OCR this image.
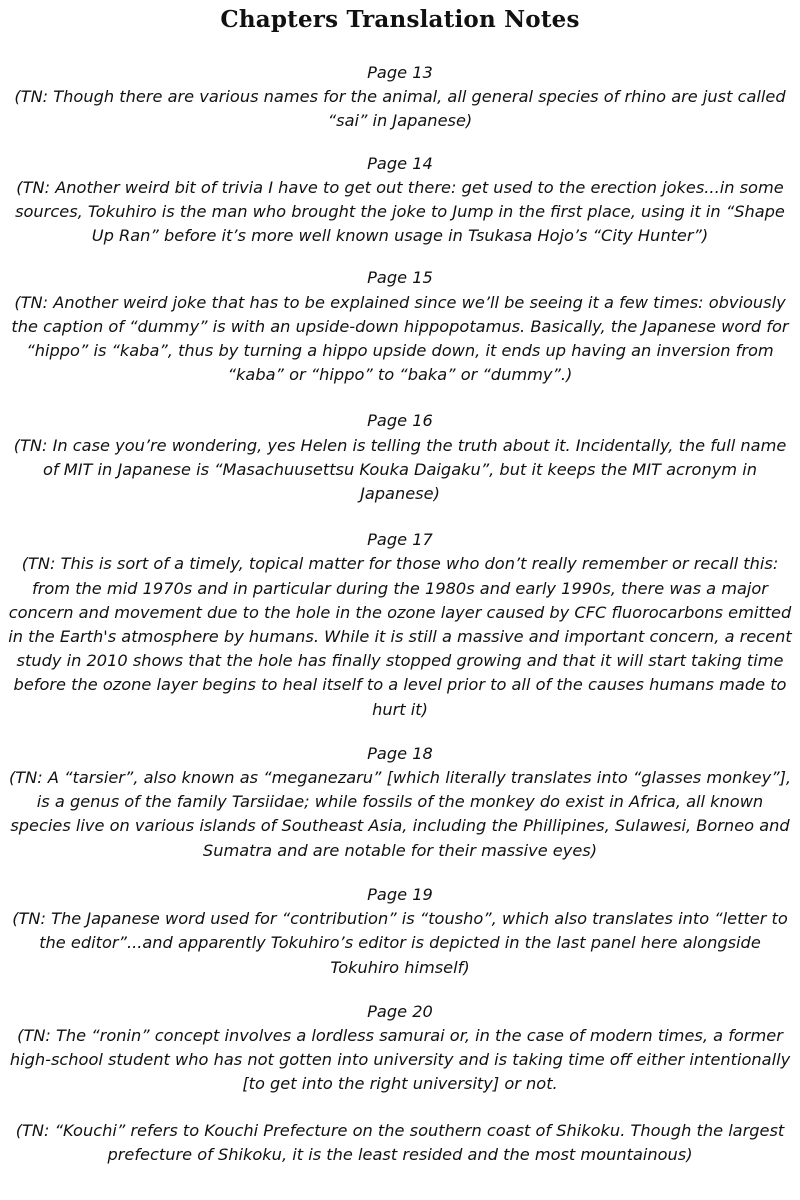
Chapters Translation Notes

Page 13

(TN: Though there are various names for the animal, all general species of rhino are just called “sai” in Japanese)

Page 14

(TN: Another weird bit of trivia I have to get out there: get used to the erection jokes...in some sources, Tokuhiro is the man who brought the joke to Jump in the first place, using it in “Shape Up Ran” before it’s more well known usage in Tsukasa Hojo’s “City Hunter”)

Page 15

(TN: Another weird joke that has to be explained since we’ll be seeing it a few times: obviously the caption of “dummy” is with an upside-down hippopotamus. Basically, the Japanese word for “hippo” is “kaba”, thus by turning a hippo upside down, it ends up having an inversion from “kaba” or “hippo” to “baka” or “dummy”.)

Page 16

(TN: In case you’re wondering, yes Helen is telling the truth about it. Incidentally, the full name of MIT in Japanese is “Masachuusettsu Kouka Daigaku”, but it keeps the MIT acronym in Japanese)

Page 17

(TN: This is sort of a timely, topical matter for those who don’t really remember or recall this: from the mid 1970s and in particular during the 1980s and early 1990s, there was a major concern and movement due to the hole in the ozone layer caused by CFC fluorocarbons emitted in the Earth's atmosphere by humans. While it is still a massive and important concern, a recent study in 2010 shows that the hole has finally stopped growing and that it will start taking time before the ozone layer begins to heal itself to a level prior to all of the causes humans made to hurt it)

Page 18

(TN: A “tarsier”, also known as “meganezaru” [which literally translates into “glasses monkey”], is a genus of the family Tarsiidae; while fossils of the monkey do exist in Africa, all known species live on various islands of Southeast Asia, including the Phillipines, Sulawesi, Borneo and Sumatra and are notable for their massive eyes)

Page 19

(TN: The Japanese word used for “contribution” is “tousho”, which also translates into “letter to the editor”...and apparently Tokuhiro’s editor is depicted in the last panel here alongside Tokuhiro himself)

Page 20

(TN: The “ronin” concept involves a lordless samurai or, in the case of modern times, a former high-school student who has not gotten into university and is taking time off either intentionally [to get into the right university] or not.

(TN: “Kouchi” refers to Kouchi Prefecture on the southern coast of Shikoku. Though the largest prefecture of Shikoku, it is the least resided and the most mountainous)
